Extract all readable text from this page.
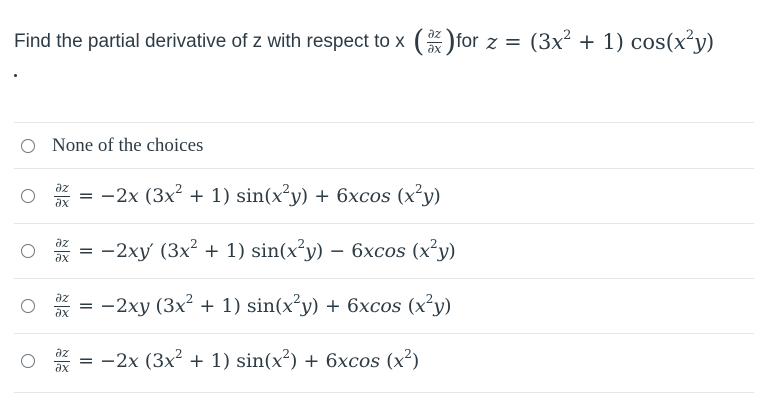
Find the partial derivative of z with respect to x ( $\frac{\partial z}{\partial x}$ ) for $z = (3x^2 + 1)$ $\cos(x^2y)$
None of the choices
$\frac{\partial z}{\partial x} = -2x$ $(3x^2 + 1) \sin(x^2y) + 6xcos$ $(x^2y)$
$\frac{\partial z}{\partial x} = -2xy'$ $(3x^2 + 1) \sin(x^2y) - 6xcos$ $(x^2y)$
$\frac{\partial z}{\partial x} = -2xy$ $(3x^2 + 1) \sin(x^2y) + 6xcos$ $(x^2y)$
$\frac{\partial z}{\partial x} = -2x$ $(3x^2 + 1) \sin(x^2) + 6xcos$ $(x^2)$
